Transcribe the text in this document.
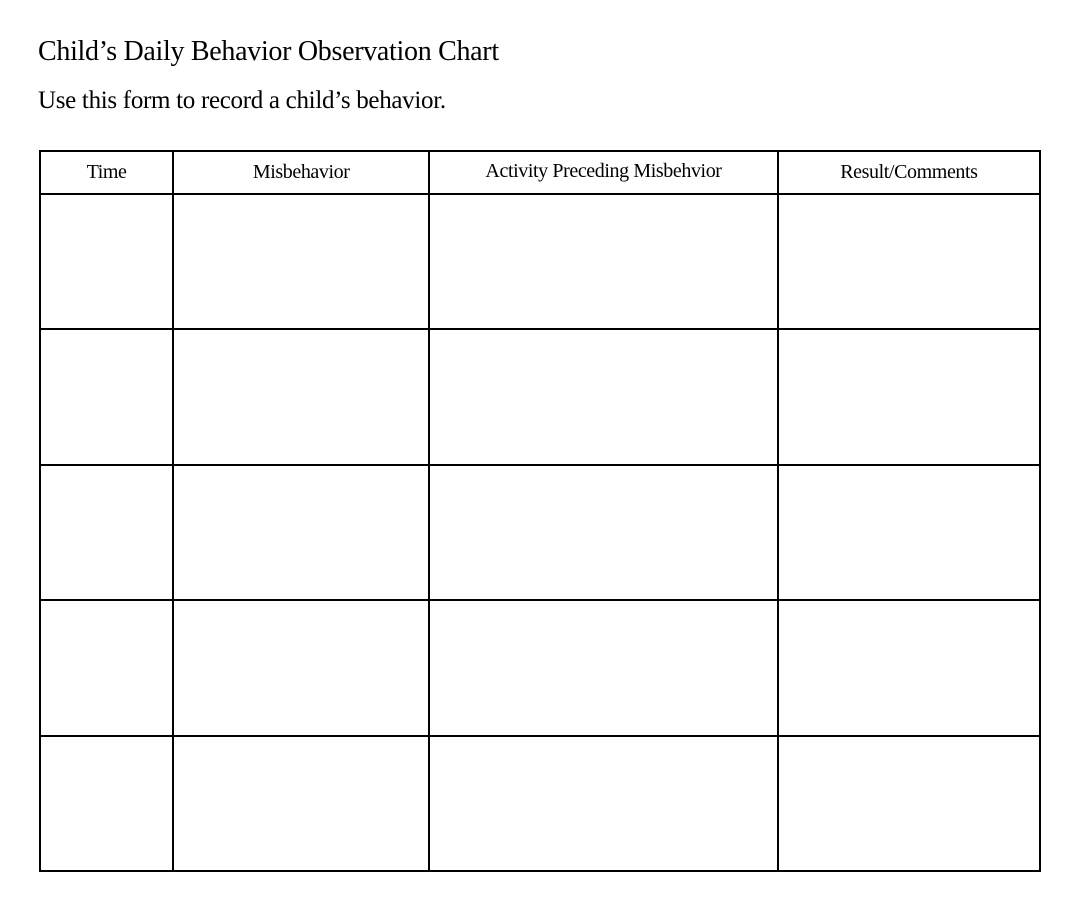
Child’s Daily Behavior Observation Chart

Use this form to record a child’s behavior.

Time	Misbehavior	Activity Preceding Misbehvior	Result/Comments
